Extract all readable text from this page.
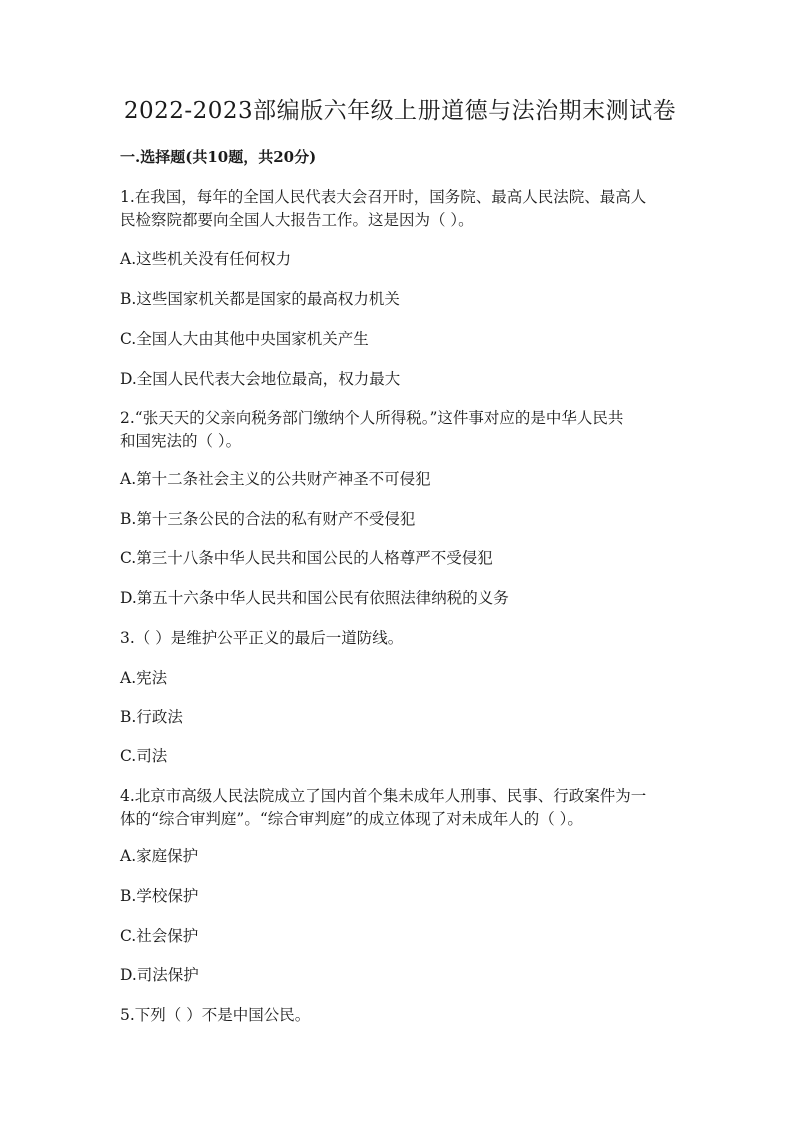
2022-2023部编版六年级上册道德与法治期末测试卷
一.选择题(共10题，共20分)
1.在我国，每年的全国人民代表大会召开时，国务院、最高人民法院、最高人
民检察院都要向全国人大报告工作。这是因为（ ）。
A.这些机关没有任何权力
B.这些国家机关都是国家的最高权力机关
C.全国人大由其他中央国家机关产生
D.全国人民代表大会地位最高，权力最大
2.“张天天的父亲向税务部门缴纳个人所得税。”这件事对应的是中华人民共
和国宪法的（ ）。
A.第十二条社会主义的公共财产神圣不可侵犯
B.第十三条公民的合法的私有财产不受侵犯
C.第三十八条中华人民共和国公民的人格尊严不受侵犯
D.第五十六条中华人民共和国公民有依照法律纳税的义务
3.（ ）是维护公平正义的最后一道防线。
A.宪法
B.行政法
C.司法
4.北京市高级人民法院成立了国内首个集未成年人刑事、民事、行政案件为一
体的“综合审判庭”。“综合审判庭”的成立体现了对未成年人的（ ）。
A.家庭保护
B.学校保护
C.社会保护
D.司法保护
5.下列（ ）不是中国公民。
